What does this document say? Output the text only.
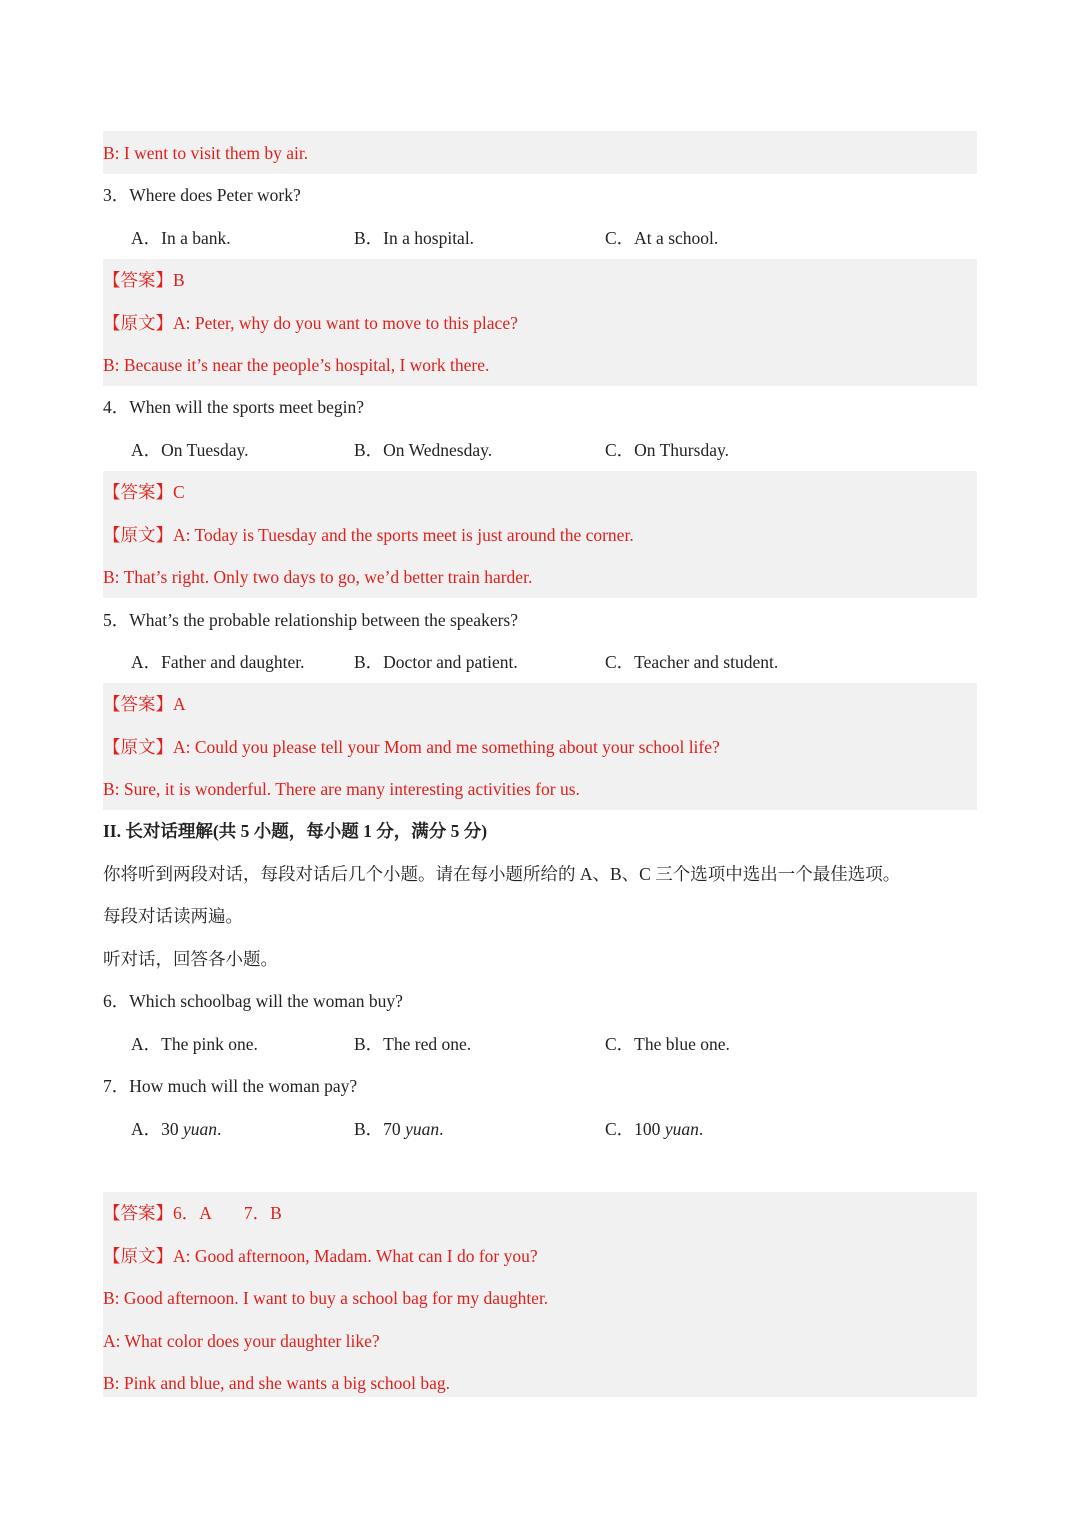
B: I went to visit them by air.
3．Where does Peter work?
A．In a bank.	B．In a hospital.	C．At a school.
【答案】B
【原文】A: Peter, why do you want to move to this place?
B: Because it’s near the people’s hospital, I work there.
4．When will the sports meet begin?
A．On Tuesday.	B．On Wednesday.	C．On Thursday.
【答案】C
【原文】A: Today is Tuesday and the sports meet is just around the corner.
B: That’s right. Only two days to go, we’d better train harder.
5．What’s the probable relationship between the speakers?
A．Father and daughter.	B．Doctor and patient.	C．Teacher and student.
【答案】A
【原文】A: Could you please tell your Mom and me something about your school life?
B: Sure, it is wonderful. There are many interesting activities for us.
II. 长对话理解(共 5 小题，每小题 1 分，满分 5 分)
你将听到两段对话，每段对话后几个小题。请在每小题所给的 A、B、C 三个选项中选出一个最佳选项。
每段对话读两遍。
听对话，回答各小题。
6．Which schoolbag will the woman buy?
A．The pink one.	B．The red one.	C．The blue one.
7．How much will the woman pay?
A．30 yuan.	B．70 yuan.	C．100 yuan.
【答案】6．A 7．B
【原文】A: Good afternoon, Madam. What can I do for you?
B: Good afternoon. I want to buy a school bag for my daughter.
A: What color does your daughter like?
B: Pink and blue, and she wants a big school bag.
